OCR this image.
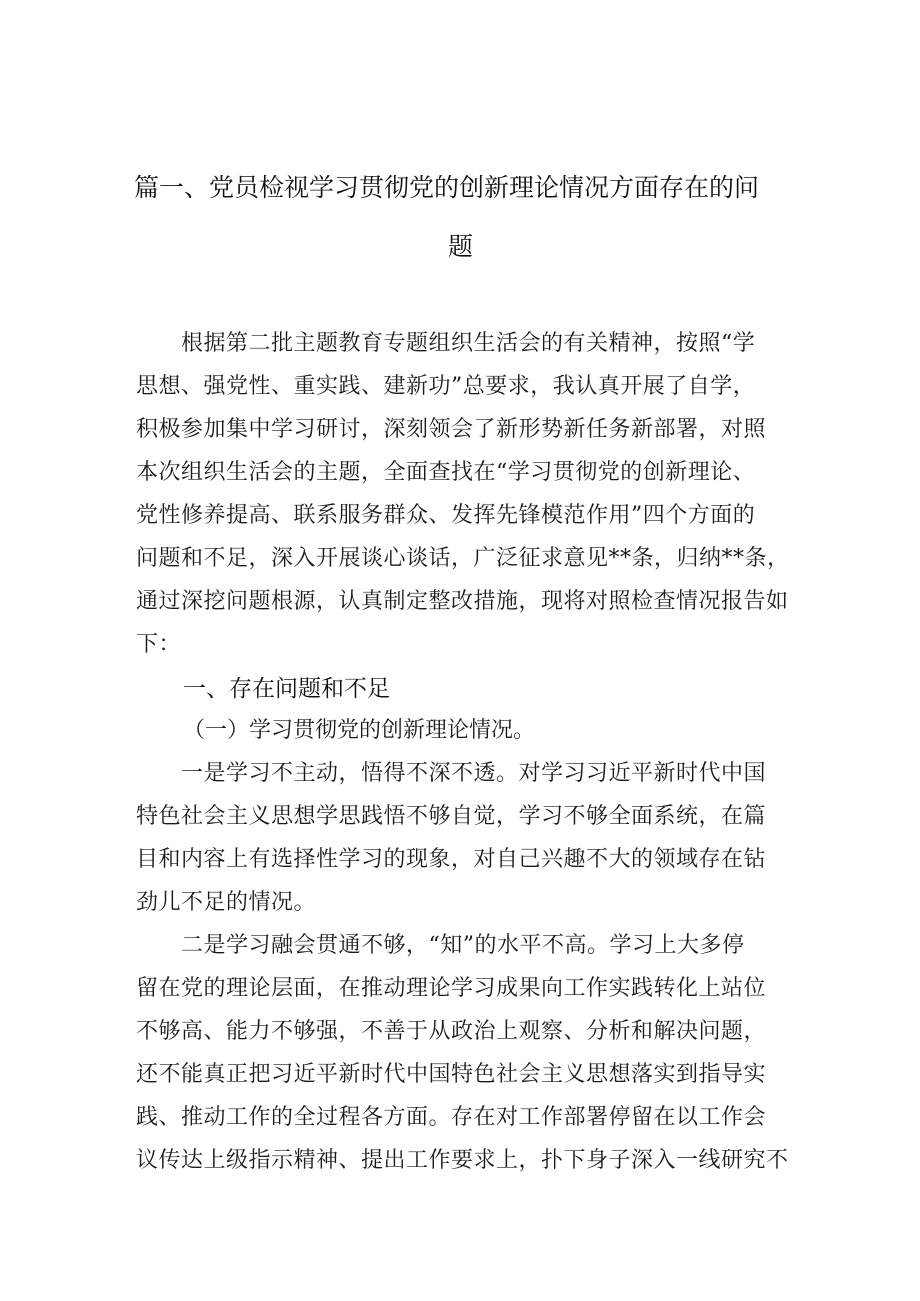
篇一、党员检视学习贯彻党的创新理论情况方面存在的问
题
　　根据第二批主题教育专题组织生活会的有关精神，按照“学
思想、强党性、重实践、建新功”总要求，我认真开展了自学，
积极参加集中学习研讨，深刻领会了新形势新任务新部署，对照
本次组织生活会的主题，全面查找在“学习贯彻党的创新理论、
党性修养提高、联系服务群众、发挥先锋模范作用”四个方面的
问题和不足，深入开展谈心谈话，广泛征求意见**条，归纳**条，
通过深挖问题根源，认真制定整改措施，现将对照检查情况报告如
下：
一、存在问题和不足
（一）学习贯彻党的创新理论情况。
　　一是学习不主动，悟得不深不透。对学习习近平新时代中国
特色社会主义思想学思践悟不够自觉，学习不够全面系统，在篇
目和内容上有选择性学习的现象，对自己兴趣不大的领域存在钻
劲儿不足的情况。
　　二是学习融会贯通不够，“知”的水平不高。学习上大多停
留在党的理论层面，在推动理论学习成果向工作实践转化上站位
不够高、能力不够强，不善于从政治上观察、分析和解决问题，
还不能真正把习近平新时代中国特色社会主义思想落实到指导实
践、推动工作的全过程各方面。存在对工作部署停留在以工作会
议传达上级指示精神、提出工作要求上，扑下身子深入一线研究不
